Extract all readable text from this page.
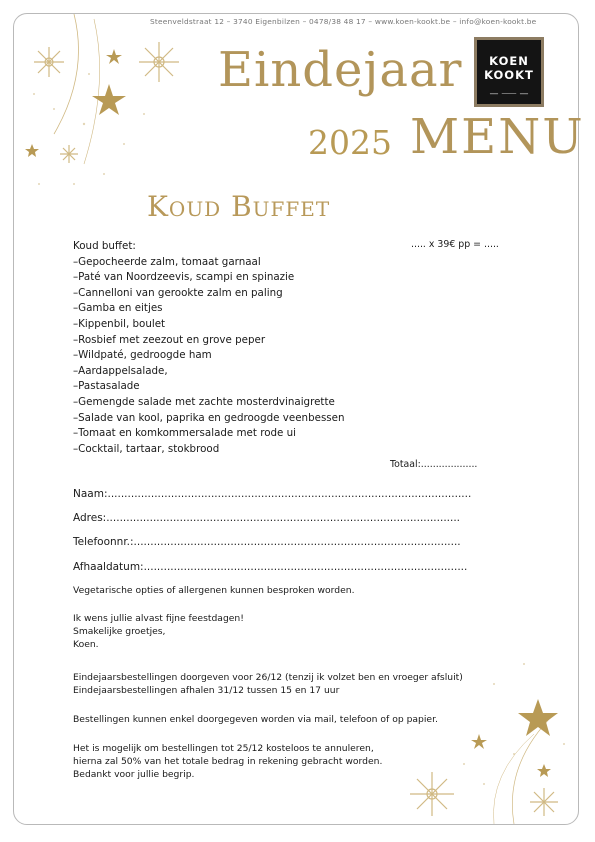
Steenveldstraat 12 – 3740 Eigenbilzen – 0478/38 48 17 – www.koen-kookt.be – info@koen-kookt.be
Eindejaar
2025 MENU
KOEN
KOOKT
— ⸺ —
Koud Buffet
Koud buffet:
–Gepocheerde zalm, tomaat garnaal
–Paté van Noordzeevis, scampi en spinazie
–Cannelloni van gerookte zalm en paling
–Gamba en eitjes
–Kippenbil, boulet
–Rosbief met zeezout en grove peper
–Wildpaté, gedroogde ham
–Aardappelsalade,
–Pastasalade
–Gemengde salade met zachte mosterdvinaigrette
–Salade van kool, paprika en gedroogde veenbessen
–Tomaat en komkommersalade met rode ui
–Cocktail, tartaar, stokbrood
..... x 39€ pp = .....
Totaal:...................
Naam:.............................................................................................................
Adres:..........................................................................................................
Telefoonnr.:..................................................................................................
Afhaaldatum:.................................................................................................
Vegetarische opties of allergenen kunnen besproken worden.
Ik wens jullie alvast fijne feestdagen!
Smakelijke groetjes,
Koen.
Eindejaarsbestellingen doorgeven voor 26/12 (tenzij ik volzet ben en vroeger afsluit)
Eindejaarsbestellingen afhalen 31/12 tussen 15 en 17 uur
Bestellingen kunnen enkel doorgegeven worden via mail, telefoon of op papier.
Het is mogelijk om bestellingen tot 25/12 kosteloos te annuleren,
hierna zal 50% van het totale bedrag in rekening gebracht worden.
Bedankt voor jullie begrip.
